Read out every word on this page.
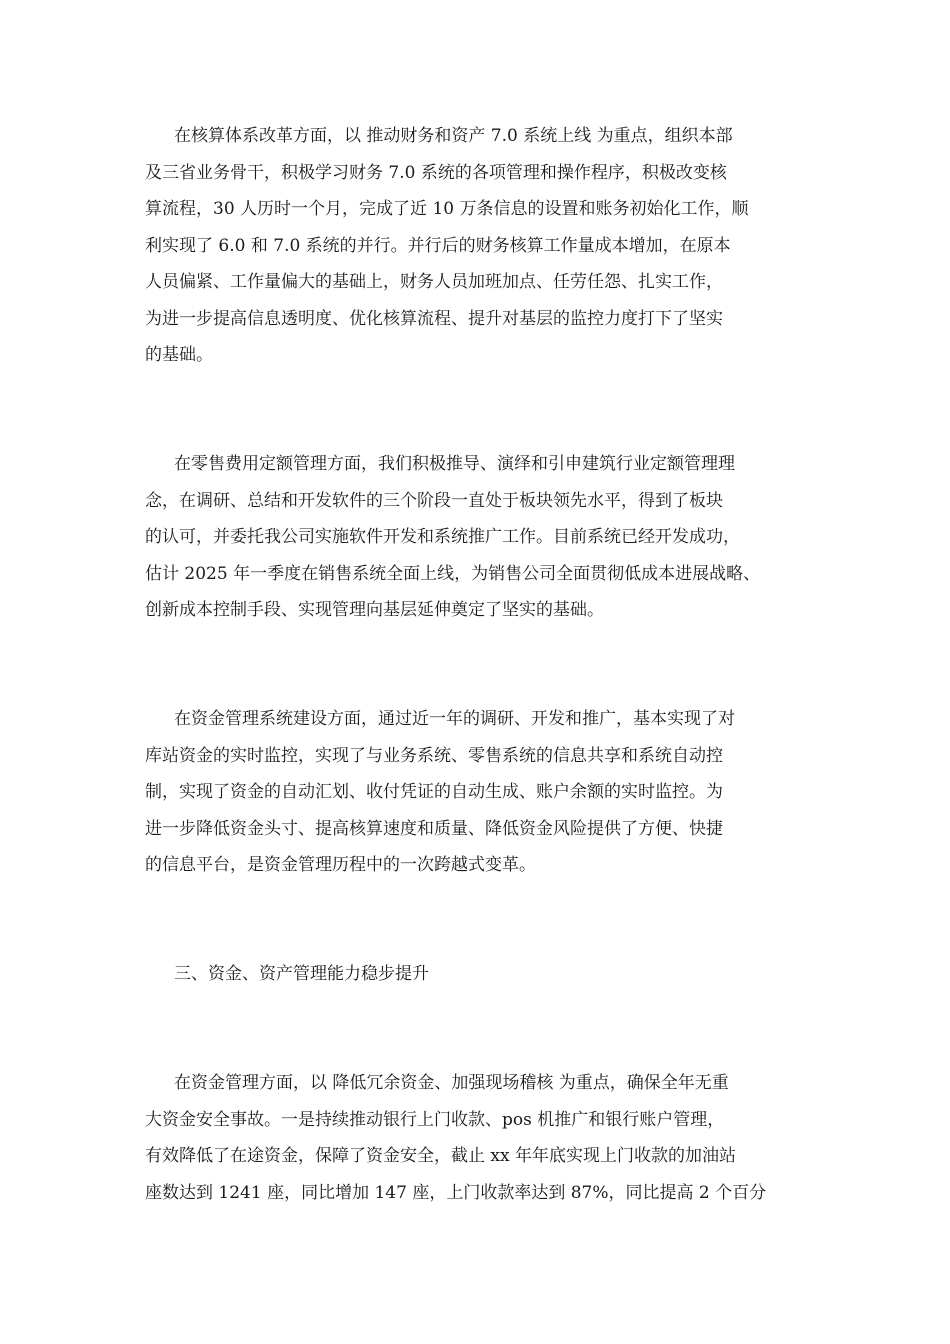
在核算体系改革方面，以 推动财务和资产 7.0 系统上线 为重点，组织本部
及三省业务骨干，积极学习财务 7.0 系统的各项管理和操作程序，积极改变核
算流程，30 人历时一个月，完成了近 10 万条信息的设置和账务初始化工作，顺
利实现了 6.0 和 7.0 系统的并行。并行后的财务核算工作量成本增加，在原本
人员偏紧、工作量偏大的基础上，财务人员加班加点、任劳任怨、扎实工作，
为进一步提高信息透明度、优化核算流程、提升对基层的监控力度打下了坚实
的基础。
在零售费用定额管理方面，我们积极推导、演绎和引申建筑行业定额管理理
念，在调研、总结和开发软件的三个阶段一直处于板块领先水平，得到了板块
的认可，并委托我公司实施软件开发和系统推广工作。目前系统已经开发成功，
估计 2025 年一季度在销售系统全面上线，为销售公司全面贯彻低成本进展战略、
创新成本控制手段、实现管理向基层延伸奠定了坚实的基础。
在资金管理系统建设方面，通过近一年的调研、开发和推广，基本实现了对
库站资金的实时监控，实现了与业务系统、零售系统的信息共享和系统自动控
制，实现了资金的自动汇划、收付凭证的自动生成、账户余额的实时监控。为
进一步降低资金头寸、提高核算速度和质量、降低资金风险提供了方便、快捷
的信息平台，是资金管理历程中的一次跨越式变革。
三、资金、资产管理能力稳步提升
在资金管理方面，以 降低冗余资金、加强现场稽核 为重点，确保全年无重
大资金安全事故。一是持续推动银行上门收款、pos 机推广和银行账户管理，
有效降低了在途资金，保障了资金安全，截止 xx 年年底实现上门收款的加油站
座数达到 1241 座，同比增加 147 座，上门收款率达到 87%，同比提高 2 个百分
